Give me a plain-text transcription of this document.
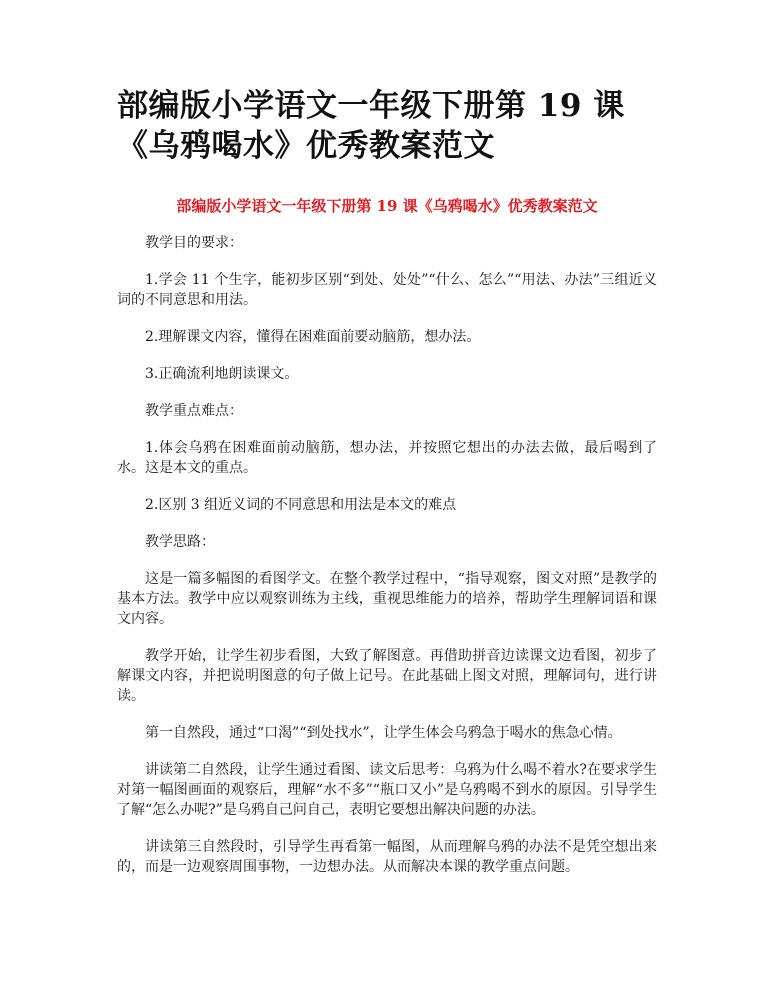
部编版小学语文一年级下册第 19 课
《乌鸦喝水》优秀教案范文
部编版小学语文一年级下册第 19 课《乌鸦喝水》优秀教案范文

教学目的要求：

1.学会 11 个生字，能初步区别“到处、处处”“什么、怎么”“用法、办法”三组近义词的不同意思和用法。

2.理解课文内容，懂得在困难面前要动脑筋，想办法。

3.正确流利地朗读课文。

教学重点难点：

1.体会乌鸦在困难面前动脑筋，想办法，并按照它想出的办法去做，最后喝到了水。这是本文的重点。

2.区别 3 组近义词的不同意思和用法是本文的难点

教学思路：

这是一篇多幅图的看图学文。在整个教学过程中，“指导观察，图文对照”是教学的基本方法。教学中应以观察训练为主线，重视思维能力的培养，帮助学生理解词语和课文内容。

教学开始，让学生初步看图，大致了解图意。再借助拼音边读课文边看图，初步了解课文内容，并把说明图意的句子做上记号。在此基础上图文对照，理解词句，进行讲读。

第一自然段，通过“口渴”“到处找水”，让学生体会乌鸦急于喝水的焦急心情。

讲读第二自然段，让学生通过看图、读文后思考：乌鸦为什么喝不着水?在要求学生对第一幅图画面的观察后，理解“水不多”“瓶口又小”是乌鸦喝不到水的原因。引导学生了解“怎么办呢?”是乌鸦自己问自己，表明它要想出解决问题的办法。

讲读第三自然段时，引导学生再看第一幅图，从而理解乌鸦的办法不是凭空想出来的，而是一边观察周围事物，一边想办法。从而解决本课的教学重点问题。
